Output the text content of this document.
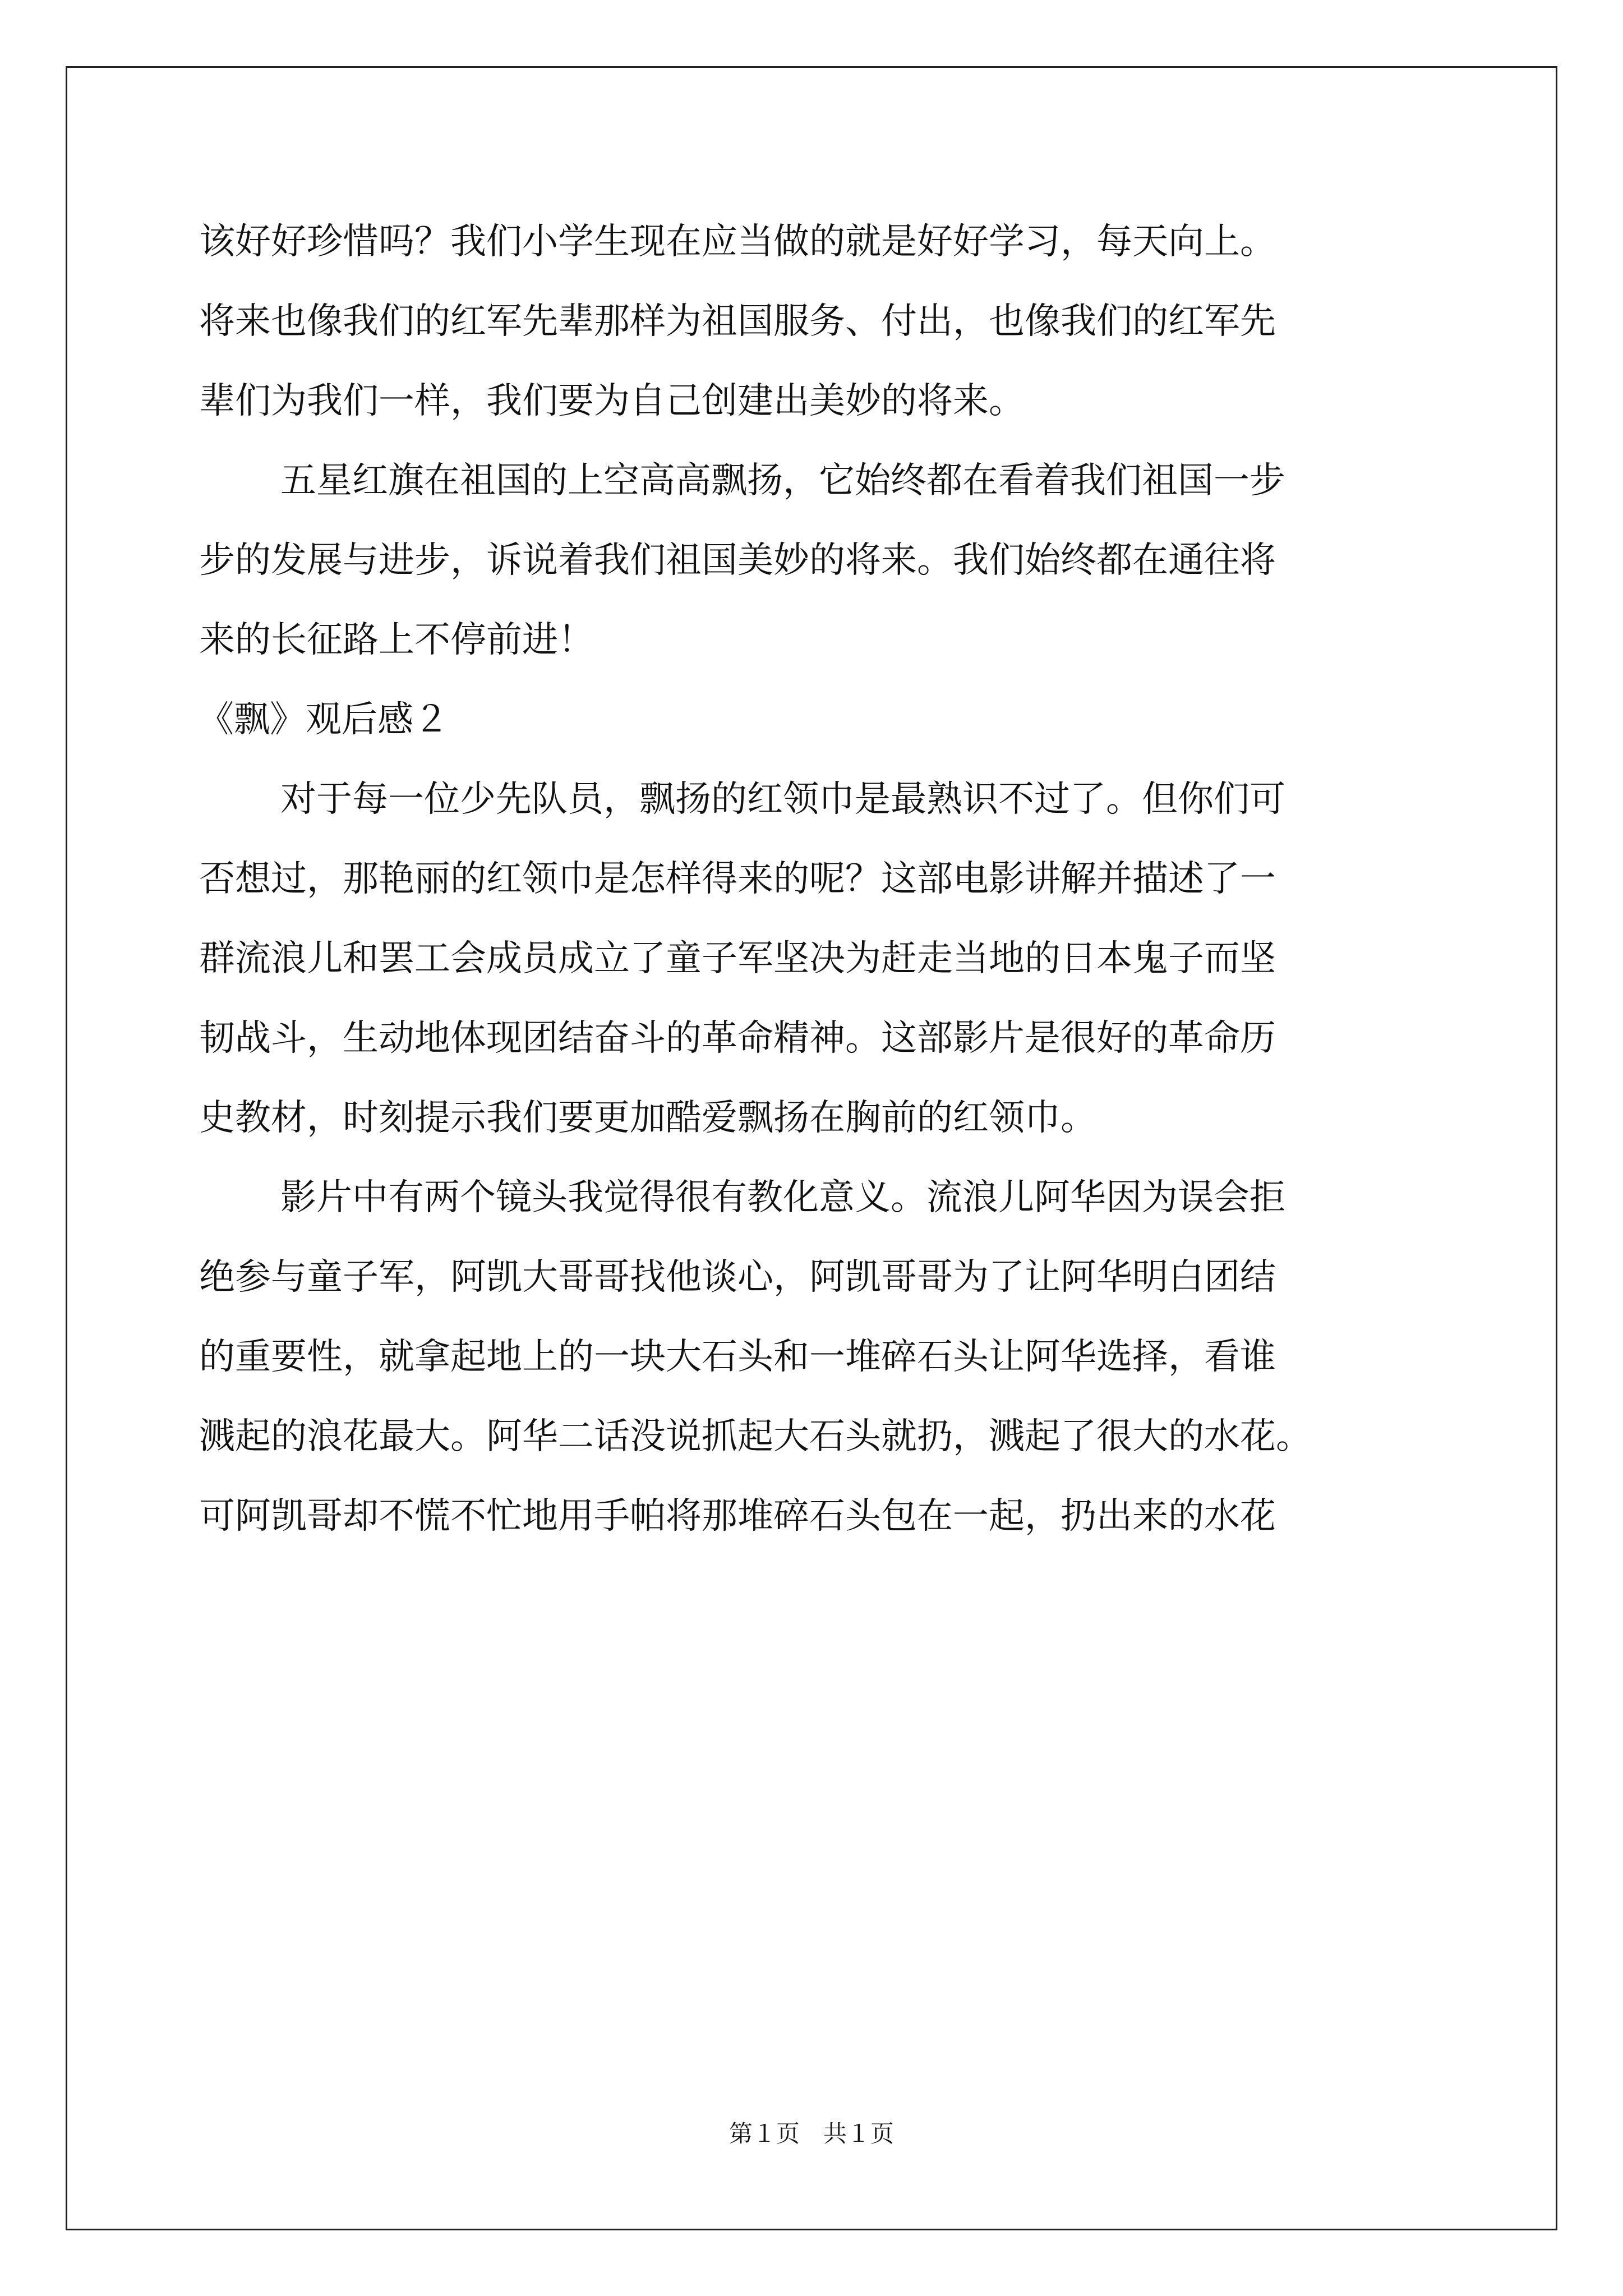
该好好珍惜吗？我们小学生现在应当做的就是好好学习，每天向上。
将来也像我们的红军先辈那样为祖国服务、付出，也像我们的红军先
辈们为我们一样，我们要为自己创建出美妙的将来。
五星红旗在祖国的上空高高飘扬，它始终都在看着我们祖国一步
步的发展与进步，诉说着我们祖国美妙的将来。我们始终都在通往将
来的长征路上不停前进！
《飘》观后感２
对于每一位少先队员，飘扬的红领巾是最熟识不过了。但你们可
否想过，那艳丽的红领巾是怎样得来的呢？这部电影讲解并描述了一
群流浪儿和罢工会成员成立了童子军坚决为赶走当地的日本鬼子而坚
韧战斗，生动地体现团结奋斗的革命精神。这部影片是很好的革命历
史教材，时刻提示我们要更加酷爱飘扬在胸前的红领巾。
影片中有两个镜头我觉得很有教化意义。流浪儿阿华因为误会拒
绝参与童子军，阿凯大哥哥找他谈心，阿凯哥哥为了让阿华明白团结
的重要性，就拿起地上的一块大石头和一堆碎石头让阿华选择，看谁
溅起的浪花最大。阿华二话没说抓起大石头就扔，溅起了很大的水花。
可阿凯哥却不慌不忙地用手帕将那堆碎石头包在一起，扔出来的水花
第１页　共１页
